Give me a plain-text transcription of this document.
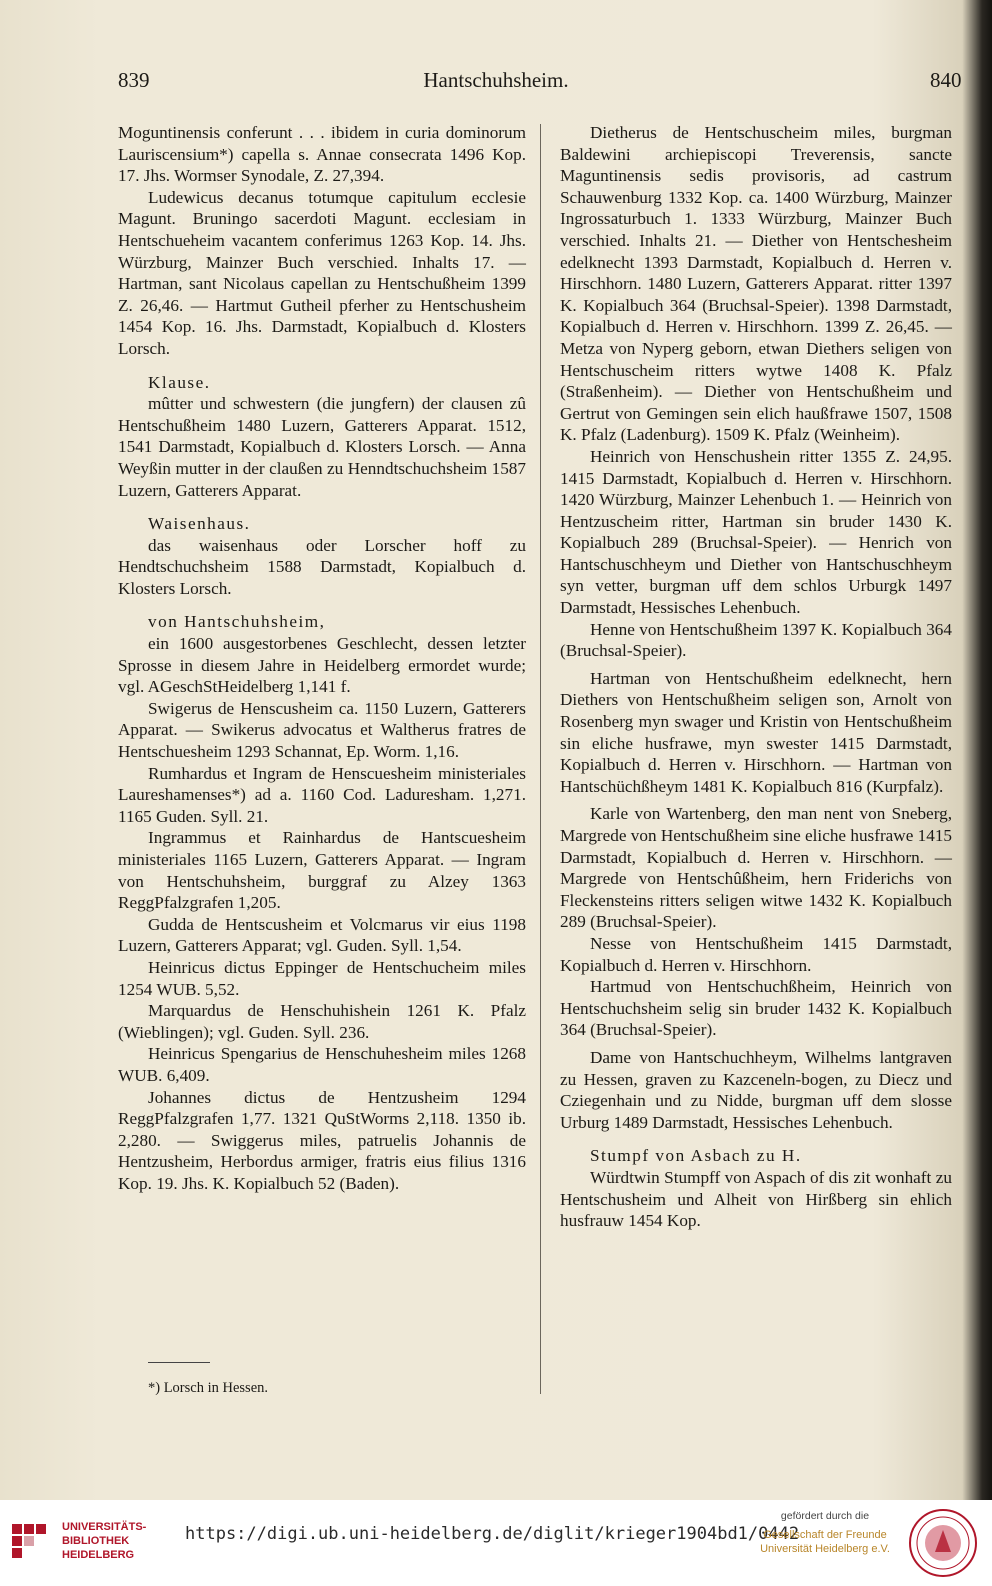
839	Hantschuhsheim.	840

Moguntinensis conferunt . . . ibidem in curia dominorum Lauriscensium*) capella s. Annae consecrata 1496 Kop. 17. Jhs. Wormser Synodale, Z. 27,394.

Ludewicus decanus totumque capitulum ecclesie Magunt. Bruningo sacerdoti Magunt. ecclesiam in Hentschueheim vacantem conferimus 1263 Kop. 14. Jhs. Würzburg, Mainzer Buch verschied. Inhalts 17. — Hartman, sant Nicolaus capellan zu Hentschußheim 1399 Z. 26,46. — Hartmut Gutheil pferher zu Hentschusheim 1454 Kop. 16. Jhs. Darmstadt, Kopialbuch d. Klosters Lorsch.

Klause.

mûtter und schwestern (die jungfern) der clausen zû Hentschußheim 1480 Luzern, Gatterers Apparat. 1512, 1541 Darmstadt, Kopialbuch d. Klosters Lorsch. — Anna Weyßin mutter in der claußen zu Henndtschuchsheim 1587 Luzern, Gatterers Apparat.

Waisenhaus.

das waisenhaus oder Lorscher hoff zu Hendtschuchsheim 1588 Darmstadt, Kopialbuch d. Klosters Lorsch.

von Hantschuhsheim,

ein 1600 ausgestorbenes Geschlecht, dessen letzter Sprosse in diesem Jahre in Heidelberg ermordet wurde; vgl. AGeschStHeidelberg 1,141 f.

Swigerus de Henscusheim ca. 1150 Luzern, Gatterers Apparat. — Swikerus advocatus et Waltherus fratres de Hentschuesheim 1293 Schannat, Ep. Worm. 1,16.

Rumhardus et Ingram de Henscuesheim ministeriales Laureshamenses*) ad a. 1160 Cod. Laduresham. 1,271. 1165 Guden. Syll. 21.

Ingrammus et Rainhardus de Hantscuesheim ministeriales 1165 Luzern, Gatterers Apparat. — Ingram von Hentschuhsheim, burggraf zu Alzey 1363 ReggPfalzgrafen 1,205.

Gudda de Hentscusheim et Volcmarus vir eius 1198 Luzern, Gatterers Apparat; vgl. Guden. Syll. 1,54.

Heinricus dictus Eppinger de Hentschucheim miles 1254 WUB. 5,52.

Marquardus de Henschuhishein 1261 K. Pfalz (Wieblingen); vgl. Guden. Syll. 236.

Heinricus Spengarius de Henschuhesheim miles 1268 WUB. 6,409.

Johannes dictus de Hentzusheim 1294 ReggPfalzgrafen 1,77. 1321 QuStWorms 2,118. 1350 ib. 2,280. — Swiggerus miles, patruelis Johannis de Hentzusheim, Herbordus armiger, fratris eius filius 1316 Kop. 19. Jhs. K. Kopialbuch 52 (Baden).

Dietherus de Hentschuscheim miles, burgman Baldewini archiepiscopi Treverensis, sancte Maguntinensis sedis provisoris, ad castrum Schauwenburg 1332 Kop. ca. 1400 Würzburg, Mainzer Ingrossaturbuch 1. 1333 Würzburg, Mainzer Buch verschied. Inhalts 21. — Diether von Hentschesheim edelknecht 1393 Darmstadt, Kopialbuch d. Herren v. Hirschhorn. 1480 Luzern, Gatterers Apparat. ritter 1397 K. Kopialbuch 364 (Bruchsal-Speier). 1398 Darmstadt, Kopialbuch d. Herren v. Hirschhorn. 1399 Z. 26,45. — Metza von Nyperg geborn, etwan Diethers seligen von Hentschuscheim ritters wytwe 1408 K. Pfalz (Straßenheim). — Diether von Hentschußheim und Gertrut von Gemingen sein elich haußfrawe 1507, 1508 K. Pfalz (Ladenburg). 1509 K. Pfalz (Weinheim).

Heinrich von Henschushein ritter 1355 Z. 24,95. 1415 Darmstadt, Kopialbuch d. Herren v. Hirschhorn. 1420 Würzburg, Mainzer Lehenbuch 1. — Heinrich von Hentzuscheim ritter, Hartman sin bruder 1430 K. Kopialbuch 289 (Bruchsal-Speier). — Henrich von Hantschuschheym und Diether von Hantschuschheym syn vetter, burgman uff dem schlos Urburgk 1497 Darmstadt, Hessisches Lehenbuch.

Henne von Hentschußheim 1397 K. Kopialbuch 364 (Bruchsal-Speier).

Hartman von Hentschußheim edelknecht, hern Diethers von Hentschußheim seligen son, Arnolt von Rosenberg myn swager und Kristin von Hentschußheim sin eliche husfrawe, myn swester 1415 Darmstadt, Kopialbuch d. Herren v. Hirschhorn. — Hartman von Hantschüchßheym 1481 K. Kopialbuch 816 (Kurpfalz).

Karle von Wartenberg, den man nent von Sneberg, Margrede von Hentschußheim sine eliche husfrawe 1415 Darmstadt, Kopialbuch d. Herren v. Hirschhorn. — Margrede von Hentschûßheim, hern Friderichs von Fleckensteins ritters seligen witwe 1432 K. Kopialbuch 289 (Bruchsal-Speier).

Nesse von Hentschußheim 1415 Darmstadt, Kopialbuch d. Herren v. Hirschhorn.

Hartmud von Hentschuchßheim, Heinrich von Hentschuchsheim selig sin bruder 1432 K. Kopialbuch 364 (Bruchsal-Speier).

Dame von Hantschuchheym, Wilhelms lantgraven zu Hessen, graven zu Kazceneln-bogen, zu Diecz und Cziegenhain und zu Nidde, burgman uff dem slosse Urburg 1489 Darmstadt, Hessisches Lehenbuch.

Stumpf von Asbach zu H.

Würdtwin Stumpff von Aspach of dis zit wonhaft zu Hentschusheim und Alheit von Hirßberg sin ehlich husfrauw 1454 Kop.

*) Lorsch in Hessen.
UNIVERSITÄTS-
BIBLIOTHEK
HEIDELBERG
https://digi.ub.uni-heidelberg.de/diglit/krieger1904bd1/0442
gefördert durch die
Gesellschaft der Freunde
Universität Heidelberg e.V.
